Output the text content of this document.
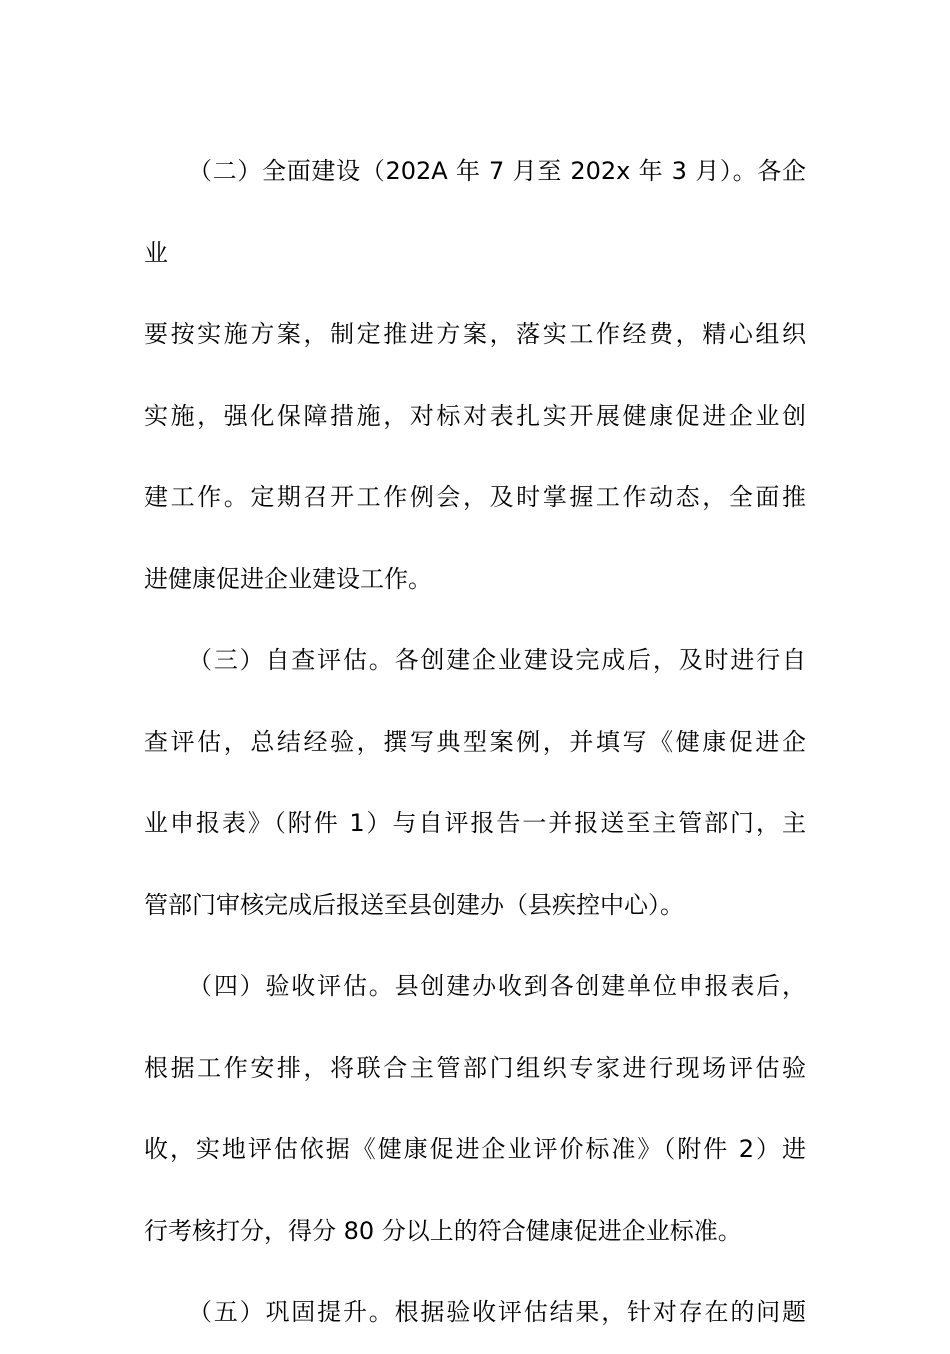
（二）全面建设（202A 年 7 月至 202x 年 3 月）。各企业

要按实施方案，制定推进方案，落实工作经费，精心组织

实施，强化保障措施，对标对表扎实开展健康促进企业创

建工作。定期召开工作例会，及时掌握工作动态，全面推

进健康促进企业建设工作。

（三）自查评估。各创建企业建设完成后，及时进行自

查评估，总结经验，撰写典型案例，并填写《健康促进企

业申报表》（附件 1）与自评报告一并报送至主管部门，主

管部门审核完成后报送至县创建办（县疾控中心）。

（四）验收评估。县创建办收到各创建单位申报表后，

根据工作安排，将联合主管部门组织专家进行现场评估验

收，实地评估依据《健康促进企业评价标准》（附件 2）进

行考核打分，得分 80 分以上的符合健康促进企业标准。

（五）巩固提升。根据验收评估结果，针对存在的问题
